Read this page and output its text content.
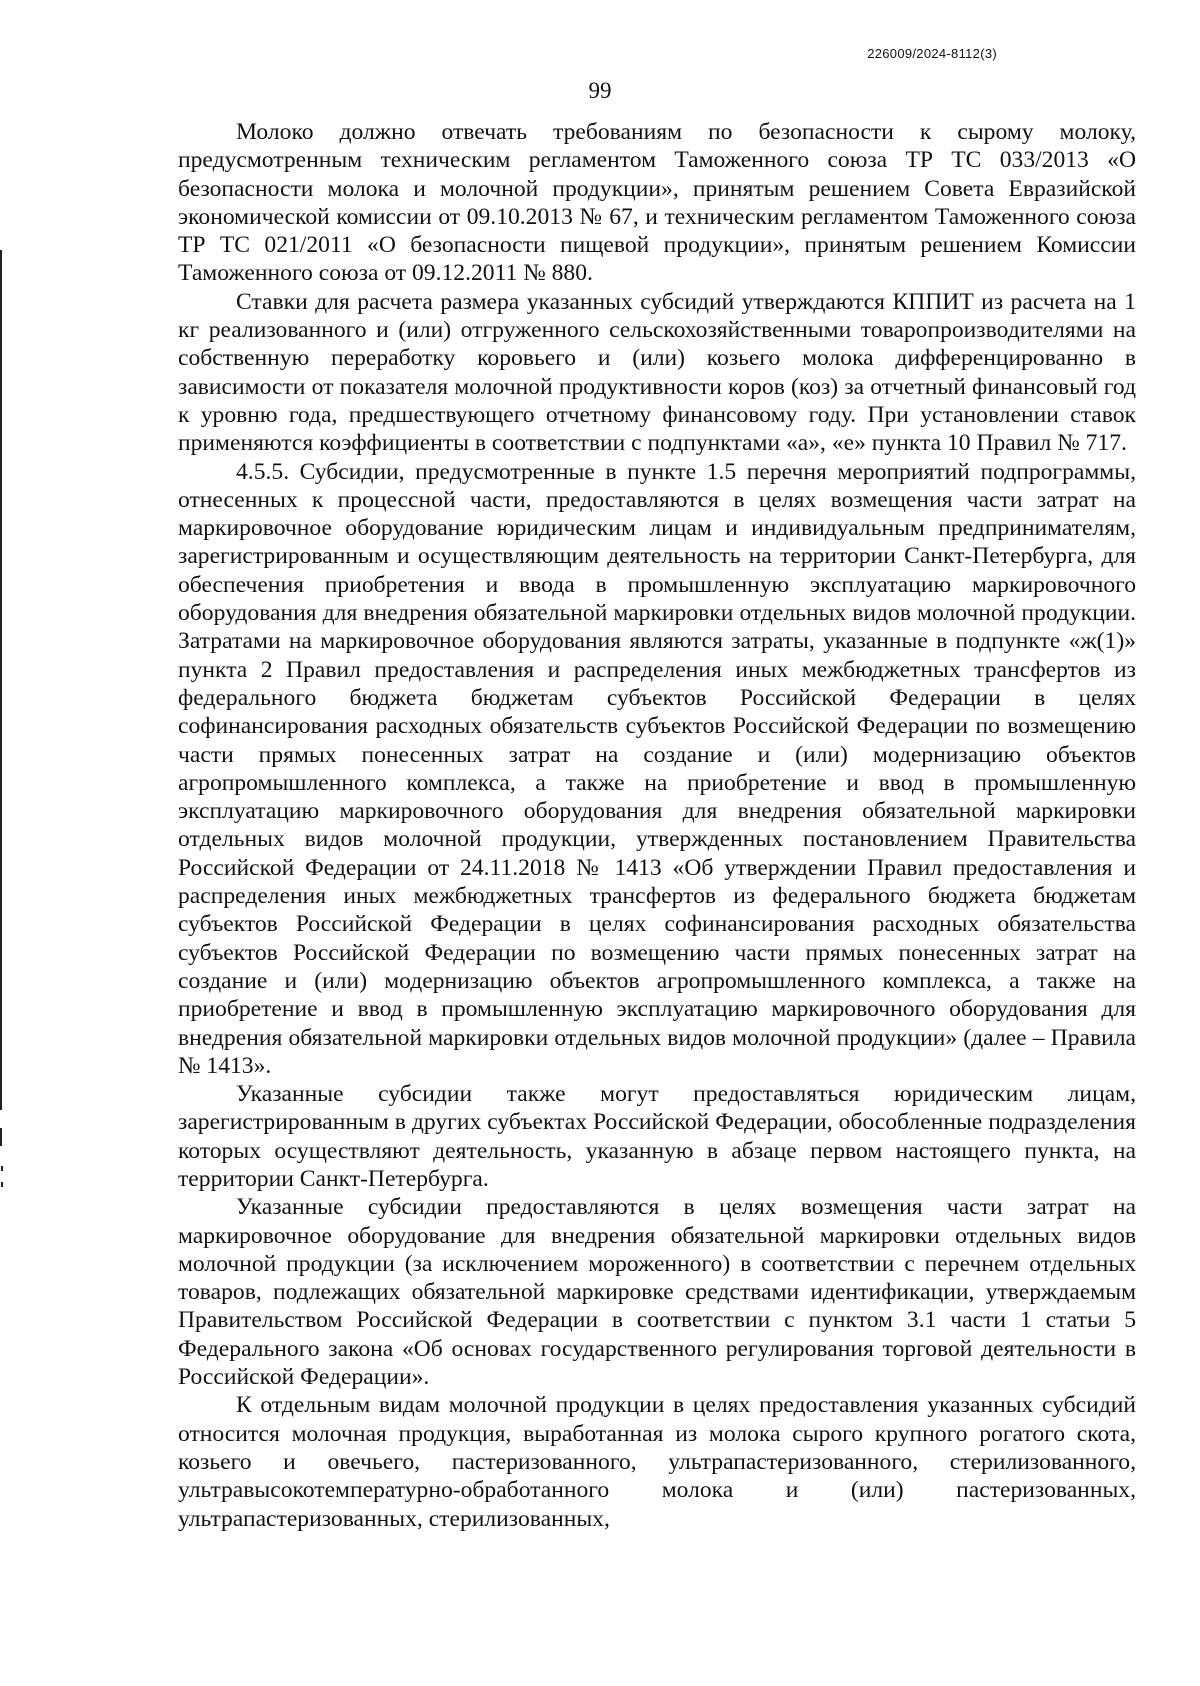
226009/2024-8112(3)
99

Молоко должно отвечать требованиям по безопасности к сырому молоку, предусмотренным техническим регламентом Таможенного союза ТР ТС 033/2013 «О безопасности молока и молочной продукции», принятым решением Совета Евразийской экономической комиссии от 09.10.2013 № 67, и техническим регламентом Таможенного союза ТР ТС 021/2011 «О безопасности пищевой продукции», принятым решением Комиссии Таможенного союза от 09.12.2011 № 880.

Ставки для расчета размера указанных субсидий утверждаются КППИТ из расчета на 1 кг реализованного и (или) отгруженного сельскохозяйственными товаропроизводителями на собственную переработку коровьего и (или) козьего молока дифференцированно в зависимости от показателя молочной продуктивности коров (коз) за отчетный финансовый год к уровню года, предшествующего отчетному финансовому году. При установлении ставок применяются коэффициенты в соответствии с подпунктами «а», «е» пункта 10 Правил № 717.

4.5.5. Субсидии, предусмотренные в пункте 1.5 перечня мероприятий подпрограммы, отнесенных к процессной части, предоставляются в целях возмещения части затрат на маркировочное оборудование юридическим лицам и индивидуальным предпринимателям, зарегистрированным и осуществляющим деятельность на территории Санкт-Петербурга, для обеспечения приобретения и ввода в промышленную эксплуатацию маркировочного оборудования для внедрения обязательной маркировки отдельных видов молочной продукции. Затратами на маркировочное оборудования являются затраты, указанные в подпункте «ж(1)» пункта 2 Правил предоставления и распределения иных межбюджетных трансфертов из федерального бюджета бюджетам субъектов Российской Федерации в целях софинансирования расходных обязательств субъектов Российской Федерации по возмещению части прямых понесенных затрат на создание и (или) модернизацию объектов агропромышленного комплекса, а также на приобретение и ввод в промышленную эксплуатацию маркировочного оборудования для внедрения обязательной маркировки отдельных видов молочной продукции, утвержденных постановлением Правительства Российской Федерации от 24.11.2018 № 1413 «Об утверждении Правил предоставления и распределения иных межбюджетных трансфертов из федерального бюджета бюджетам субъектов Российской Федерации в целях софинансирования расходных обязательства субъектов Российской Федерации по возмещению части прямых понесенных затрат на создание и (или) модернизацию объектов агропромышленного комплекса, а также на приобретение и ввод в промышленную эксплуатацию маркировочного оборудования для внедрения обязательной маркировки отдельных видов молочной продукции» (далее – Правила № 1413».

Указанные субсидии также могут предоставляться юридическим лицам, зарегистрированным в других субъектах Российской Федерации, обособленные подразделения которых осуществляют деятельность, указанную в абзаце первом настоящего пункта, на территории Санкт-Петербурга.

Указанные субсидии предоставляются в целях возмещения части затрат на маркировочное оборудование для внедрения обязательной маркировки отдельных видов молочной продукции (за исключением мороженного) в соответствии с перечнем отдельных товаров, подлежащих обязательной маркировке средствами идентификации, утверждаемым Правительством Российской Федерации в соответствии с пунктом 3.1 части 1 статьи 5 Федерального закона «Об основах государственного регулирования торговой деятельности в Российской Федерации».

К отдельным видам молочной продукции в целях предоставления указанных субсидий относится молочная продукция, выработанная из молока сырого крупного рогатого скота, козьего и овечьего, пастеризованного, ультрапастеризованного, стерилизованного, ультравысокотемпературно-обработанного молока и (или) пастеризованных, ультрапастеризованных, стерилизованных,
